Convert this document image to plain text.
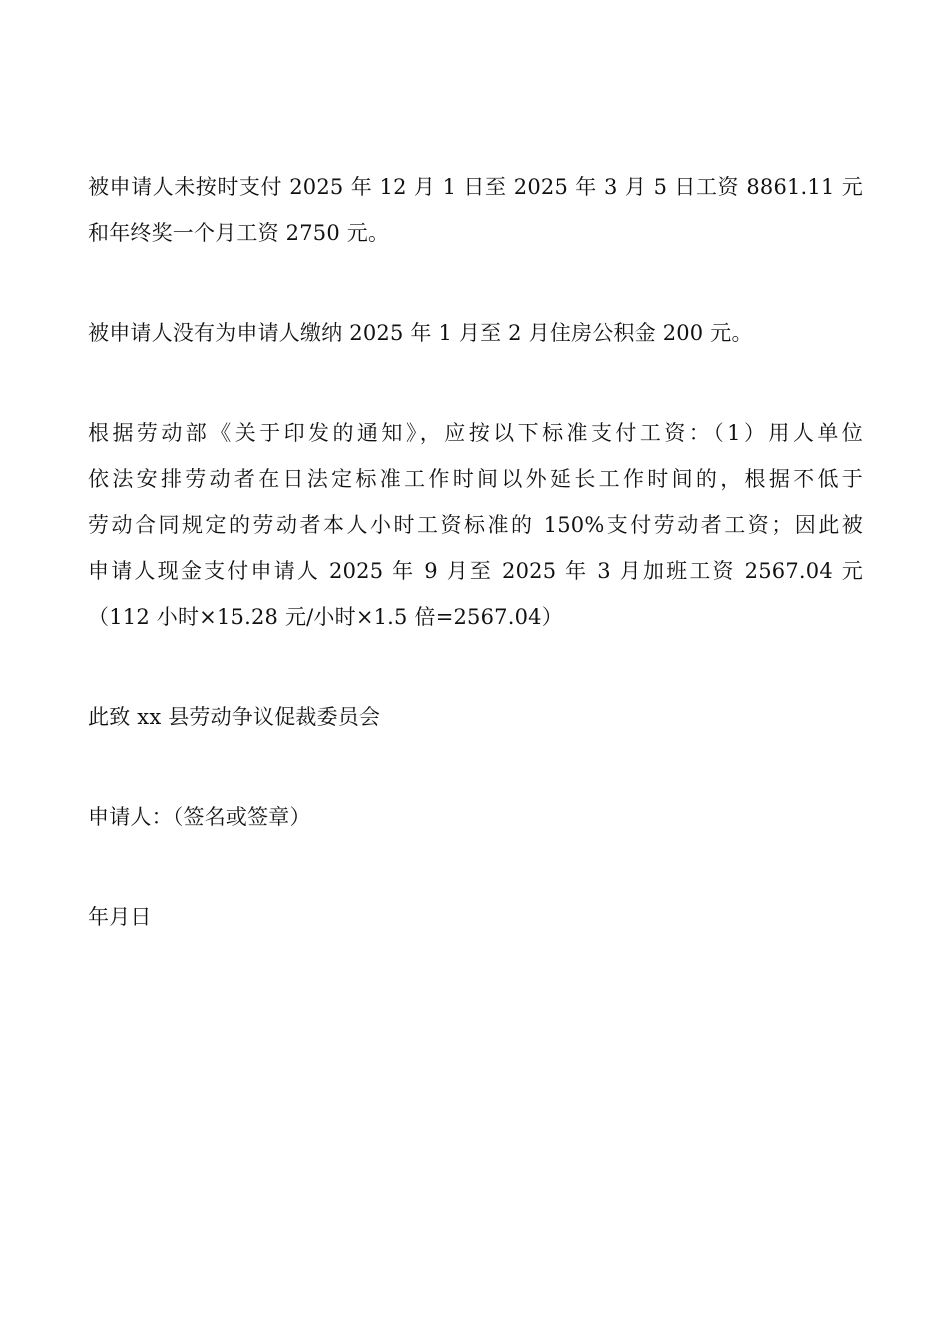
被申请人未按时支付 2025 年 12 月 1 日至 2025 年 3 月 5 日工资 8861.11 元
和年终奖一个月工资 2750 元。

被申请人没有为申请人缴纳 2025 年 1 月至 2 月住房公积金 200 元。

根据劳动部《关于印发的通知》，应按以下标准支付工资：（1）用人单位
依法安排劳动者在日法定标准工作时间以外延长工作时间的，根据不低于
劳动合同规定的劳动者本人小时工资标准的 150%支付劳动者工资；因此被
申请人现金支付申请人 2025 年 9 月至 2025 年 3 月加班工资 2567.04 元
（112 小时×15.28 元/小时×1.5 倍=2567.04）

此致 xx 县劳动争议促裁委员会

申请人：（签名或签章）

年月日
